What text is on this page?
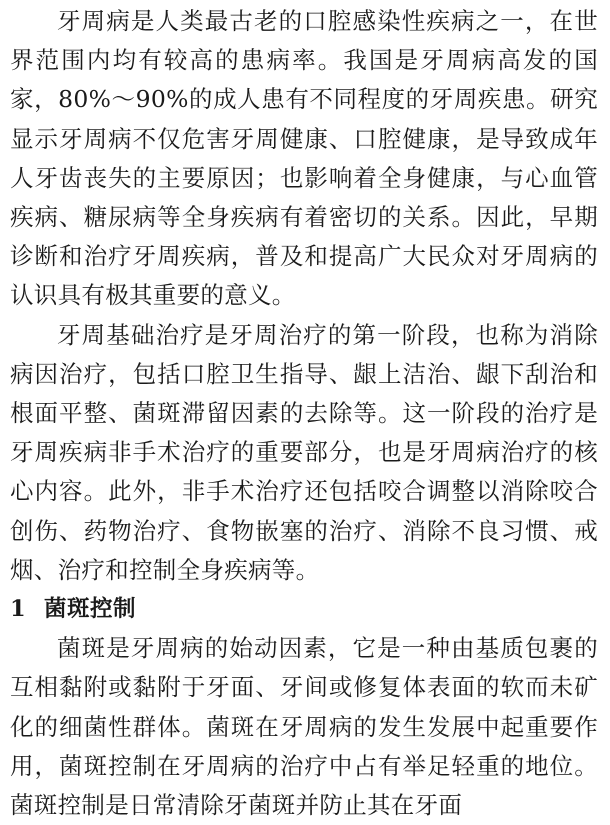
牙周病是人类最古老的口腔感染性疾病之一，在世界范围内均有较高的患病率。我国是牙周病高发的国家，80%～90%的成人患有不同程度的牙周疾患。研究显示牙周病不仅危害牙周健康、口腔健康，是导致成年人牙齿丧失的主要原因；也影响着全身健康，与心血管疾病、糖尿病等全身疾病有着密切的关系。因此，早期诊断和治疗牙周疾病，普及和提高广大民众对牙周病的认识具有极其重要的意义。

牙周基础治疗是牙周治疗的第一阶段，也称为消除病因治疗，包括口腔卫生指导、龈上洁治、龈下刮治和根面平整、菌斑滞留因素的去除等。这一阶段的治疗是牙周疾病非手术治疗的重要部分，也是牙周病治疗的核心内容。此外，非手术治疗还包括咬合调整以消除咬合创伤、药物治疗、食物嵌塞的治疗、消除不良习惯、戒烟、治疗和控制全身疾病等。

1 菌斑控制

菌斑是牙周病的始动因素，它是一种由基质包裹的互相黏附或黏附于牙面、牙间或修复体表面的软而未矿化的细菌性群体。菌斑在牙周病的发生发展中起重要作用，菌斑控制在牙周病的治疗中占有举足轻重的地位。菌斑控制是日常清除牙菌斑并防止其在牙面
